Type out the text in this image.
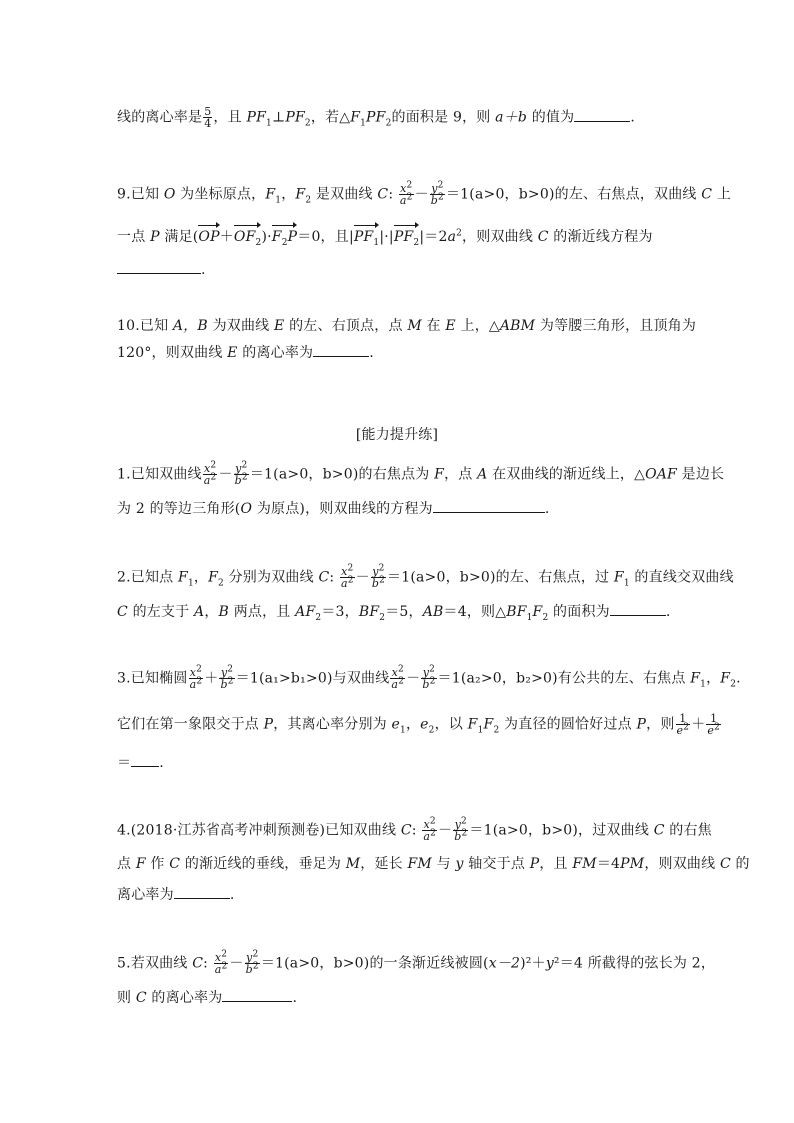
线的离心率是 $\frac{5}{4}$ ，且 $PF_1\perp PF_2$，若$\triangle F_1PF_2$的面积是 9，则 a＋b 的值为	.
9.已知 O 为坐标原点，$F_1$，$F_2$ 是双曲线 C: $\frac{x^2}{a^2} - \frac{y^2}{b^2} =1(a>0$，b>0)的左、右焦点，双曲线 C 上
一点 P 满足$(OP+OF_2)\cdot F_2P=0$，且$|PF_1|\cdot|PF_2|=2a^2$，则双曲线 C 的渐近线方程为
.
10.已知 A，B 为双曲线 E 的左、右顶点，点 M 在 E 上，△ABM 为等腰三角形，且顶角为
120°，则双曲线 E 的离心率为	.
[能力提升练]
1.已知双曲线 $\frac{x^2}{a^2} - \frac{y^2}{b^2} =1(a>0$，b>0)的右焦点为 F，点 A 在双曲线的渐近线上，△OAF 是边长
为 2 的等边三角形(O 为原点)，则双曲线的方程为	.
2.已知点 $F_1$，$F_2$ 分别为双曲线 C: $\frac{x^2}{a^2} - \frac{y^2}{b^2} =1(a>0$，b>0)的左、右焦点，过 $F_1$ 的直线交双曲线
C 的左支于 A，B 两点，且 $AF_2=3$，$BF_2=5$，AB＝4，则$\triangle BF_1F_2$ 的面积为	.
3.已知椭圆 $\frac{x^2}{a^2} + \frac{y^2}{b^2} =1(a_1>b_1>0)$与双曲线 $\frac{x^2}{a^2} - \frac{y^2}{b^2} =1(a_2>0$，b₂>0)有公共的左、右焦点 $F_1$，$F_2$.
它们在第一象限交于点 P，其离心率分别为 $e_1$，$e_2$，以 $F_1F_2$ 为直径的圆恰好过点 P，则 $\frac{1}{e^2} + \frac{1}{e^2}$
＝ .
4.(2018·江苏省高考冲刺预测卷)已知双曲线 C: $\frac{x^2}{a^2} - \frac{y^2}{b^2} =1(a>0$，b>0)，过双曲线 C 的右焦
点 F 作 C 的渐近线的垂线，垂足为 M，延长 FM 与 y 轴交于点 P，且 FM＝4PM，则双曲线 C 的
离心率为	.
5.若双曲线 C: $\frac{x^2}{a^2} - \frac{y^2}{b^2} =1(a>0$，b>0)的一条渐近线被圆(x－2)²＋y²＝4 所截得的弦长为 2，
则 C 的离心率为	.
